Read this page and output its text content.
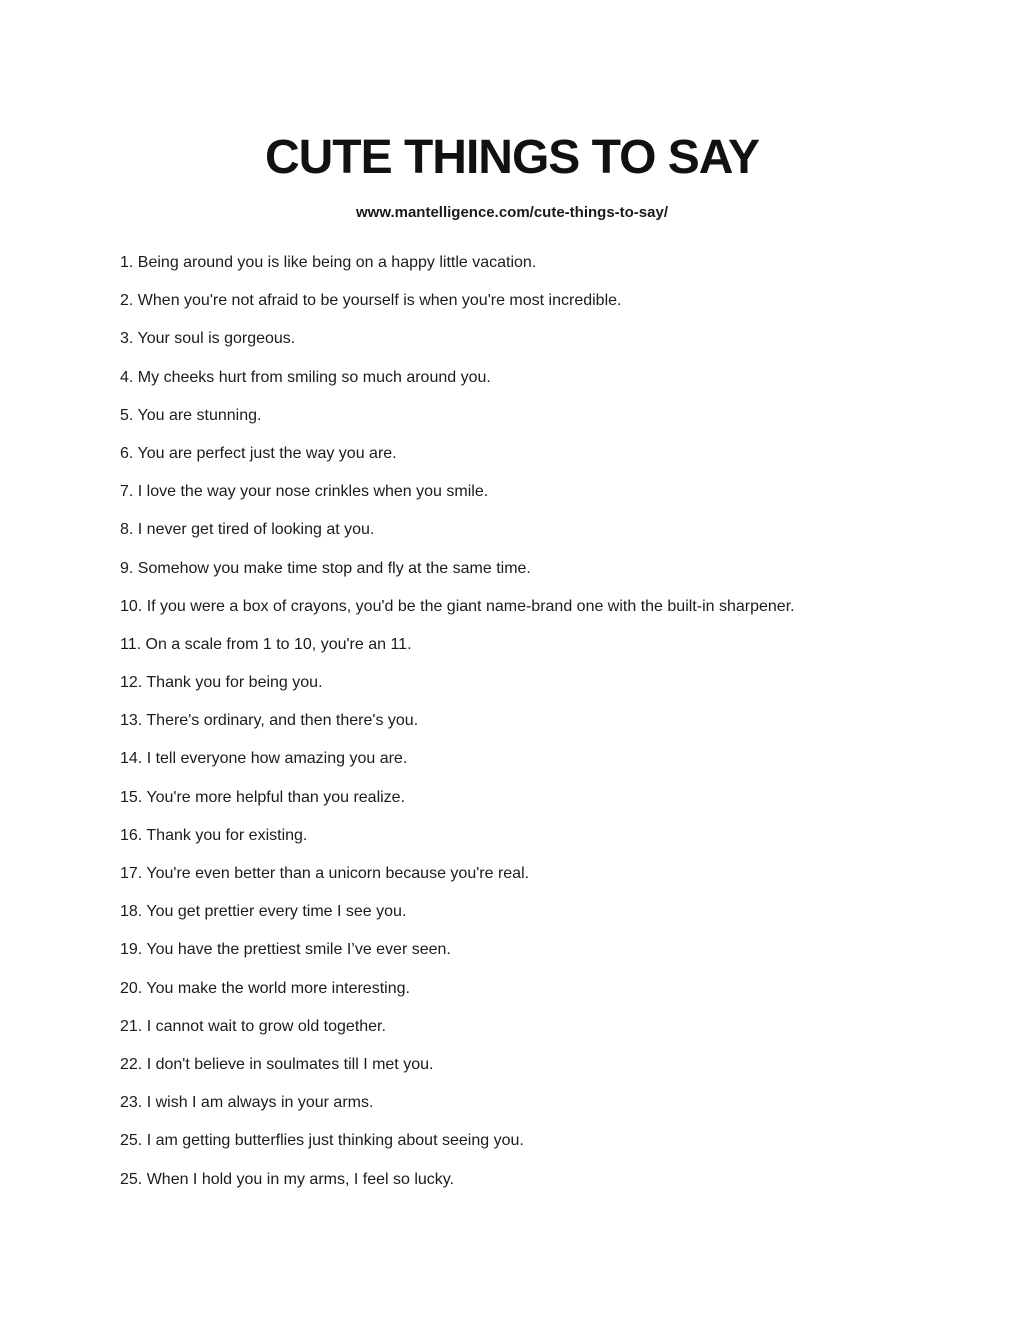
CUTE THINGS TO SAY
www.mantelligence.com/cute-things-to-say/
1. Being around you is like being on a happy little vacation.
2. When you're not afraid to be yourself is when you're most incredible.
3. Your soul is gorgeous.
4. My cheeks hurt from smiling so much around you.
5. You are stunning.
6. You are perfect just the way you are.
7. I love the way your nose crinkles when you smile.
8. I never get tired of looking at you.
9. Somehow you make time stop and fly at the same time.
10. If you were a box of crayons, you'd be the giant name-brand one with the built-in sharpener.
11. On a scale from 1 to 10, you're an 11.
12. Thank you for being you.
13. There's ordinary, and then there's you.
14. I tell everyone how amazing you are.
15. You're more helpful than you realize.
16. Thank you for existing.
17. You're even better than a unicorn because you're real.
18. You get prettier every time I see you.
19. You have the prettiest smile I’ve ever seen.
20. You make the world more interesting.
21. I cannot wait to grow old together.
22. I don't believe in soulmates till I met you.
23. I wish I am always in your arms.
25. I am getting butterflies just thinking about seeing you.
25. When I hold you in my arms, I feel so lucky.
